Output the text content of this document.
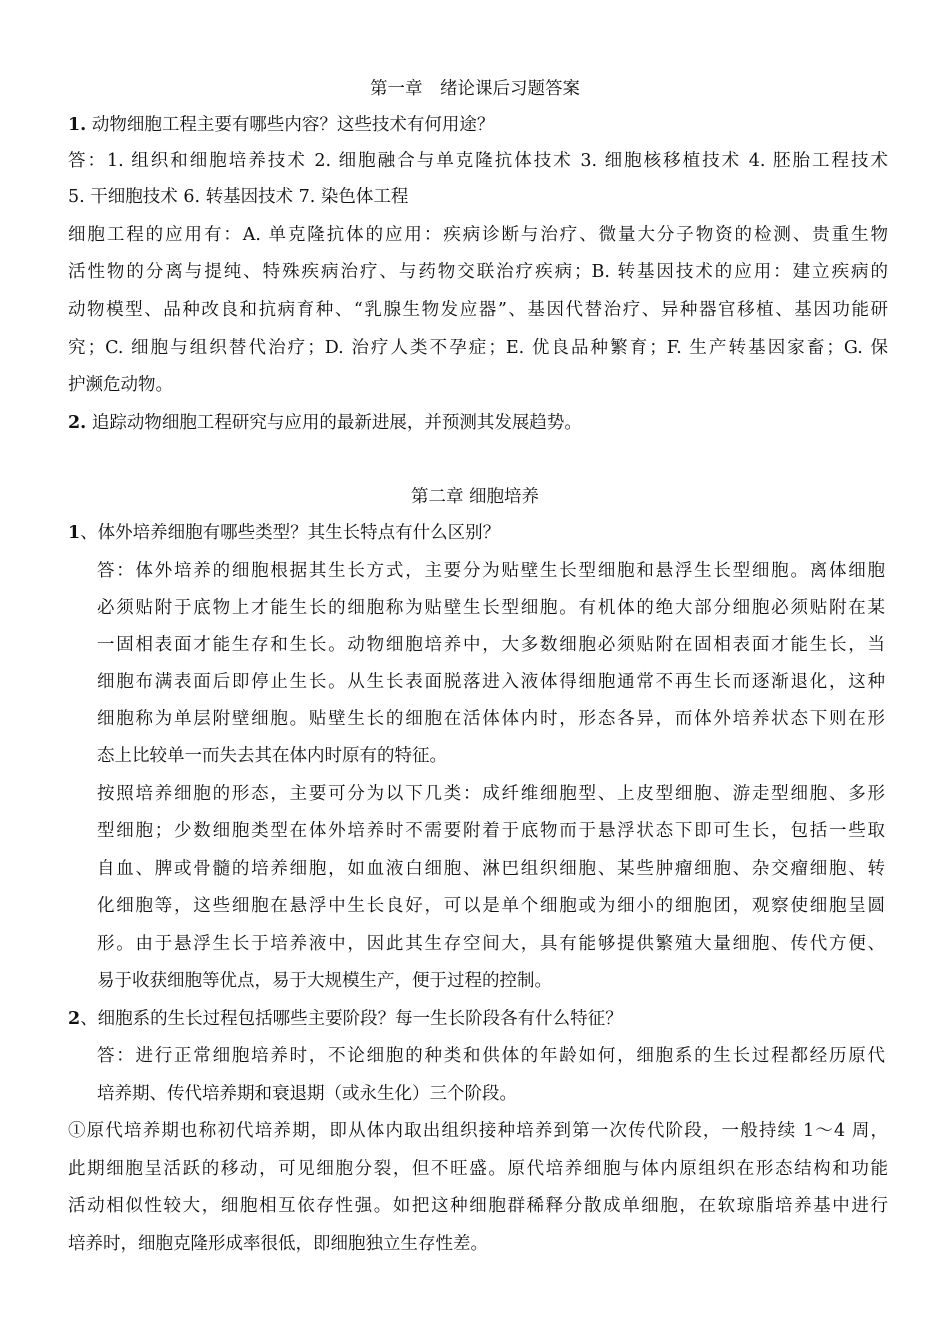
第一章　绪论课后习题答案
1. 动物细胞工程主要有哪些内容？这些技术有何用途？
答：1. 组织和细胞培养技术 2. 细胞融合与单克隆抗体技术 3. 细胞核移植技术 4. 胚胎工程技术
5. 干细胞技术 6. 转基因技术 7. 染色体工程
细胞工程的应用有：A. 单克隆抗体的应用：疾病诊断与治疗、微量大分子物资的检测、贵重生物
活性物的分离与提纯、特殊疾病治疗、与药物交联治疗疾病；B. 转基因技术的应用：建立疾病的
动物模型、品种改良和抗病育种、“乳腺生物发应器”、基因代替治疗、异种器官移植、基因功能研
究；C. 细胞与组织替代治疗；D. 治疗人类不孕症；E. 优良品种繁育；F. 生产转基因家畜；G. 保
护濒危动物。
2. 追踪动物细胞工程研究与应用的最新进展，并预测其发展趋势。
第二章 细胞培养
1、体外培养细胞有哪些类型？其生长特点有什么区别？
答：体外培养的细胞根据其生长方式，主要分为贴壁生长型细胞和悬浮生长型细胞。离体细胞
必须贴附于底物上才能生长的细胞称为贴壁生长型细胞。有机体的绝大部分细胞必须贴附在某
一固相表面才能生存和生长。动物细胞培养中，大多数细胞必须贴附在固相表面才能生长，当
细胞布满表面后即停止生长。从生长表面脱落进入液体得细胞通常不再生长而逐渐退化，这种
细胞称为单层附壁细胞。贴壁生长的细胞在活体体内时，形态各异，而体外培养状态下则在形
态上比较单一而失去其在体内时原有的特征。
按照培养细胞的形态，主要可分为以下几类：成纤维细胞型、上皮型细胞、游走型细胞、多形
型细胞；少数细胞类型在体外培养时不需要附着于底物而于悬浮状态下即可生长，包括一些取
自血、脾或骨髓的培养细胞，如血液白细胞、淋巴组织细胞、某些肿瘤细胞、杂交瘤细胞、转
化细胞等，这些细胞在悬浮中生长良好，可以是单个细胞或为细小的细胞团，观察使细胞呈圆
形。由于悬浮生长于培养液中，因此其生存空间大，具有能够提供繁殖大量细胞、传代方便、
易于收获细胞等优点，易于大规模生产，便于过程的控制。
2、细胞系的生长过程包括哪些主要阶段？每一生长阶段各有什么特征？
答：进行正常细胞培养时，不论细胞的种类和供体的年龄如何，细胞系的生长过程都经历原代
培养期、传代培养期和衰退期（或永生化）三个阶段。
①原代培养期也称初代培养期，即从体内取出组织接种培养到第一次传代阶段，一般持续 1～4 周，
此期细胞呈活跃的移动，可见细胞分裂，但不旺盛。原代培养细胞与体内原组织在形态结构和功能
活动相似性较大，细胞相互依存性强。如把这种细胞群稀释分散成单细胞，在软琼脂培养基中进行
培养时，细胞克隆形成率很低，即细胞独立生存性差。
